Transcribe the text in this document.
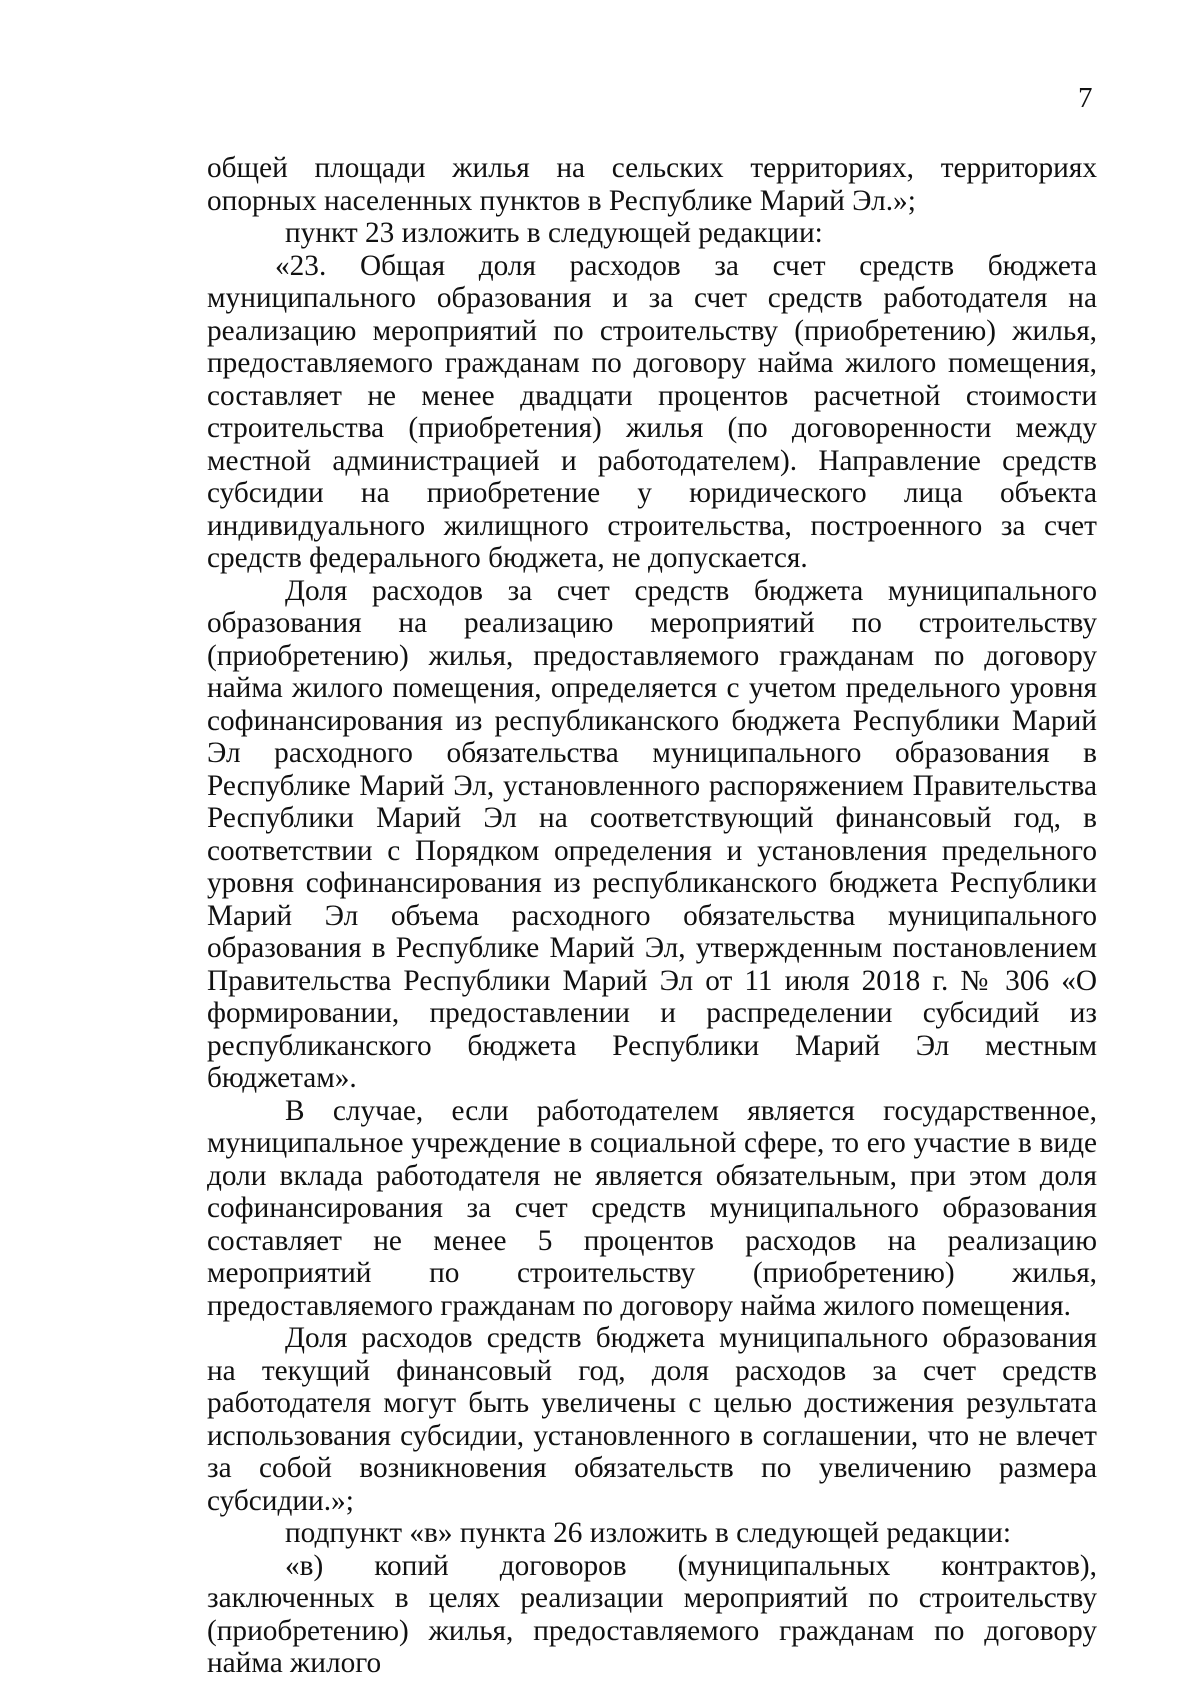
7

общей площади жилья на сельских территориях, территориях опорных населенных пунктов в Республике Марий Эл.»;

пункт 23 изложить в следующей редакции:

«23. Общая доля расходов за счет средств бюджета муниципального образования и за счет средств работодателя на реализацию мероприятий по строительству (приобретению) жилья, предоставляемого гражданам по договору найма жилого помещения, составляет не менее двадцати процентов расчетной стоимости строительства (приобретения) жилья (по договоренности между местной администрацией и работодателем). Направление средств субсидии на приобретение у юридического лица объекта индивидуального жилищного строительства, построенного за счет средств федерального бюджета, не допускается.

Доля расходов за счет средств бюджета муниципального образования на реализацию мероприятий по строительству (приобретению) жилья, предоставляемого гражданам по договору найма жилого помещения, определяется с учетом предельного уровня софинансирования из республиканского бюджета Республики Марий Эл расходного обязательства муниципального образования в Республике Марий Эл, установленного распоряжением Правительства Республики Марий Эл на соответствующий финансовый год, в соответствии с Порядком определения и установления предельного уровня софинансирования из республиканского бюджета Республики Марий Эл объема расходного обязательства муниципального образования в Республике Марий Эл, утвержденным постановлением Правительства Республики Марий Эл от 11 июля 2018 г. № 306 «О формировании, предоставлении и распределении субсидий из республиканского бюджета Республики Марий Эл местным бюджетам».

В случае, если работодателем является государственное, муниципальное учреждение в социальной сфере, то его участие в виде доли вклада работодателя не является обязательным, при этом доля софинансирования за счет средств муниципального образования составляет не менее 5 процентов расходов на реализацию мероприятий по строительству (приобретению) жилья, предоставляемого гражданам по договору найма жилого помещения.

Доля расходов средств бюджета муниципального образования на текущий финансовый год, доля расходов за счет средств работодателя могут быть увеличены с целью достижения результата использования субсидии, установленного в соглашении, что не влечет за собой возникновения обязательств по увеличению размера субсидии.»;

подпункт «в» пункта 26 изложить в следующей редакции:

«в) копий договоров (муниципальных контрактов), заключенных в целях реализации мероприятий по строительству (приобретению) жилья, предоставляемого гражданам по договору найма жилого
